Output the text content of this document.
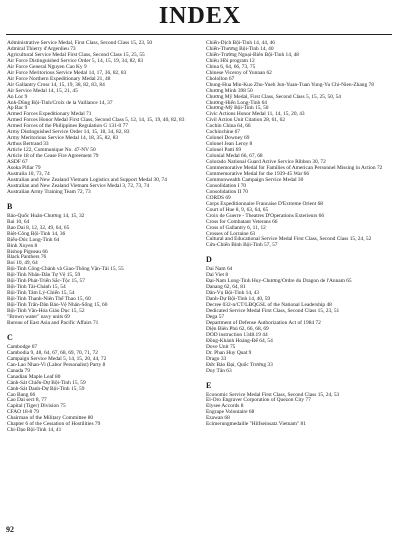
INDEX
Administrative Service Medal, First Class, Second Class 15, 23, 50
Admiral Thierry d'Argenlieu 73
Agricultural Service Medal First Class, Second Class 15, 25, 55
Air Force Distinguished Service Order 5, 14, 15, 19, 34, 82, 83
Air Force General Nguyen Cao Ky 9
Air Force Meritorious Service Medal 14, 17, 36, 82, 83
Air Force Northern Expeditionary Medal 21, 48
Air Gallantry Cross 14, 15, 19, 38, 82, 83, 84
Air Service Medal 14, 15, 21, 45
An Loc 9
Anh-Dũng Bội-Tinh/Croix de la Vaillance 14, 37
Ap Bac 9
Armed Forces Expeditionary Medal 71
Armed Forces Honor Medal First Class, Second Class 5, 12, 14, 15, 19, 40, 82, 83
Armed Forces of the Philippines Regulation G 131-0 77
Army Distinguished Service Order 14, 15, 18, 34, 82, 83
Army Meritorious Service Medal 14, 18, 35, 82, 83
Arthus Bertrand 33
Article 122, Communique No. 47-NV 50
Article 18 of the Cease Fire Agreement 79
ASDF 67
Asoka Pillar 79
Australia 10, 73, 74
Australian and New Zealand Vietnam Logistics and Support Medal 30, 74
Australian and New Zealand Vietnam Service Medal 3, 72, 73, 74
Australian Army Training Team 72, 73
B
Bảo-Quốc Huân-Chương 14, 15, 32
Bai 10, 64
Bao Dai 8, 12, 32, 49, 64, 65
Biệt-Công Bội-Tinh 14, 36
Biểu-Dúc Long-Tinh 64
Binh Xuyen 8
Bishop Pigneau 66
Black Panthers 76
Boi 10, 49, 64
Bội-Tinh Công-Chánh và Giao-Thông Vận-Tải 15, 55
Bội-Tinh Nhân-Dân Tự Vệ 15, 59
Bội-Tinh Phát-Triển Sắc-Tộc 15, 57
Bội-Tinh Tài-Chánh 15, 54
Bội-Tinh Tâm Lý-Chiến 15, 54
Bội-Tinh Thanh-Niên Thể Thao 15, 60
Bội-Tinh Trấn-Dân Bảo-Vệ Nhân-Sống 15, 60
Bội-Tinh Văn-Hóa Giáo Dục 15, 52
"Brown water" navy units 69
Bureau of East Asia and Pacific Affairs 71
C
Cambodge 67
Cambodia 9, 48, 64, 67, 68, 69, 70, 71, 72
Campaign Service Medal 5, 14, 15, 20, 44, 72
Can-Lao Nhan-Vi (Labor Personalist) Party 8
Canada 79
Canadian Maple Leaf 80
Cảnh-Sát Chiến-Dự Bội-Tinh 15, 59
Cảnh-Sát Danh-Dự Bội-Tinh 15, 59
Cao Bang 66
Cao Dai sect 8, 77
Capital (Tiger) Division 75
CFAO 18-8 79
Chairman of the Military Committee 80
Chapter 6 of the Cessation of Hostilities 79
Chí-Dạo Bội-Tinh 14, 41
Chiến-Dịch Bội-Tinh 14, 44, 46
Chiến-Thương Bội-Tinh 14, 40
Chiến-Trường Ngoại-Biên Bội-Tinh 14, 48
Chiêu Hồi program 12
China 6, 64, 66, 73, 75
Chinese Viceroy of Yunnan 62
Cholollon 67
Chung-Hua Min-Kuo Zhu-Yueh Jun-Yuan-Tuan Yung-Yu Chi-Nien-Zhang 78
Chương Minh 398 50
Chương Mỹ Medal, First Class, Second Class 5, 15, 25, 50, 54
Chương-Hiến Long-Tinh 64
Chương-Mỹ Bội-Tinh 15, 50
Civic Actions Honor Medal 11, 14, 15, 20, 43
Civil Action Unit Citation 28, 61, 62
Cochin China 64, 66
Cochinchine 67
Colonel Downey 69
Colonel Jean Leroy 8
Colonel Patti 69
Colonial Medal 66, 67, 68
Colorado National Guard Active Service Ribbon 30, 72
Commemorative Medal for Families of American Personnel Missing in Action 72
Commemorative Medal for the 1939-45 War 66
Commonwealth Campaign Service Medal 30
Consolidation I 70
Consolidation II 70
CORDS 69
Corps Expeditionnaire Francaise D'Extreme Orient 68
Court of Hue 8, 9, 63, 64, 65
Croix de Guerre - Theatres D'Operations Exterieurs 66
Cross for Combatant Veterans 66
Cross of Gallantry 6, 11, 12
Crosses of Lorraine 63
Cultural and Educational Service Medal First Class, Second Class 15, 24, 52
Cứu-Chiến Bình Bội-Tinh 57, 57
D
Dai Nam 64
Dai Viet 8
Đại-Nam Long-Tinh Huy-Chương/Ordre du Dragon de l'Annam 65
Danang 62, 64, 81
Dân-Vụ Bội-Tinh 14, 43
Danh-Dự Bội-Tinh 14, 40, 59
Decree 032-n/CT/LĐQGSL of the National Leadership 48
Dedicated Service Medal First Class, Second Class 15, 23, 51
Dega 57
Department of Defense Authorization Act of 1984 72
Diện Biên Phủ 62, 66, 68, 69
DOD instruction 1348.19 44
Đồng-Khánh Hoàng-Đế 64, 54
Dove Unit 75
Dr. Phan Huy Quat 9
Drago 33
Đức Bảo Đại, Quốc Trưởng 33
Duy Tân 63
E
Economic Service Medal First Class, Second Class 15, 24, 53
El-Oro Engraver Corporation of Quezon City 77
Elysee Accords 8
Engrape Volontaire 68
Ezawan 68
Ecimerungmedaille "Hilfseinsatz Vietnam" 81
92
